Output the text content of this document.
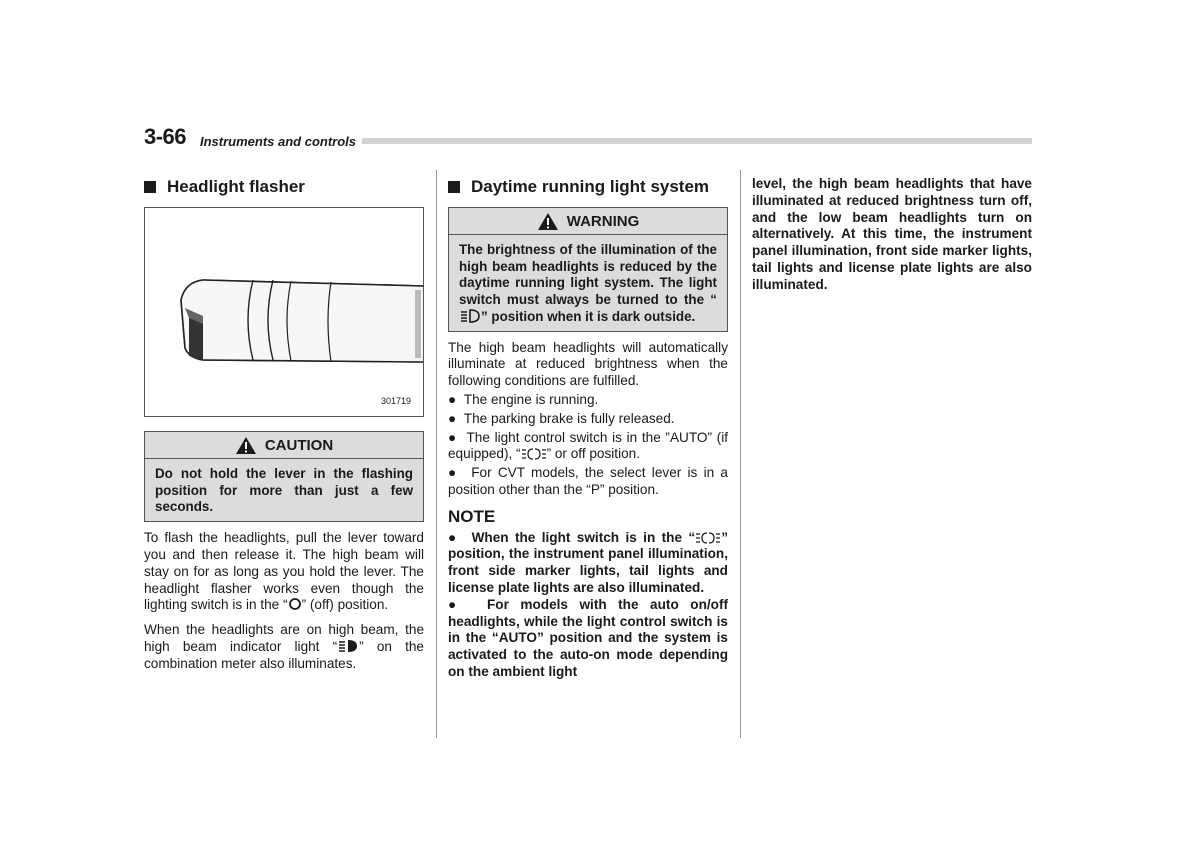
3-66 Instruments and controls
Headlight flasher
301719
CAUTION
Do not hold the lever in the flashing position for more than just a few seconds.

To flash the headlights, pull the lever toward you and then release it. The high beam will stay on for as long as you hold the lever. The headlight flasher works even though the lighting switch is in the “ ” (off) position.

When the headlights are on high beam, the high beam indicator light “ ” on the combination meter also illuminates.

Daytime running light system
WARNING
The brightness of the illumination of the high beam headlights is reduced by the daytime running light system. The light switch must always be turned to the “” position when it is dark outside.

The high beam headlights will automatically illuminate at reduced brightness when the following conditions are fulfilled.

●  The engine is running.

●  The parking brake is fully released.

●  The light control switch is in the ”AUTO” (if equipped), “ ” or off position.

●  For CVT models, the select lever is in a position other than the “P” position.

NOTE

●  When the light switch is in the “ ” position, the instrument panel illumination, front side marker lights, tail lights and license plate lights are also illuminated.

●  For models with the auto on/off headlights, while the light control switch is in the “AUTO” position and the system is activated to the auto-on mode depending on the ambient light

level, the high beam headlights that have illuminated at reduced brightness turn off, and the low beam headlights turn on alternatively. At this time, the instrument panel illumination, front side marker lights, tail lights and license plate lights are also illuminated.
